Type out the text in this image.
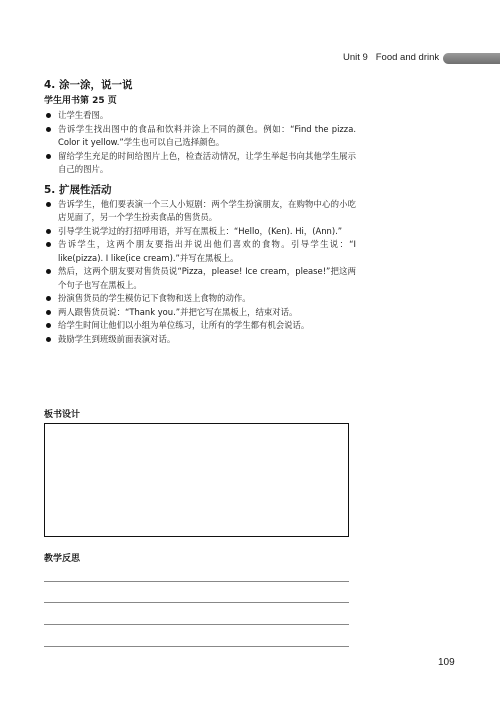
Unit 9 Food and drink
4. 涂一涂，说一说
学生用书第 25 页
让学生看图。
告诉学生找出图中的食品和饮料并涂上不同的颜色。例如：“Find the pizza. Color it yellow.”学生也可以自己选择颜色。
留给学生充足的时间给图片上色，检查活动情况，让学生举起书向其他学生展示自己的图片。
5. 扩展性活动
告诉学生，他们要表演一个三人小短剧：两个学生扮演朋友，在购物中心的小吃店见面了，另一个学生扮卖食品的售货员。
引导学生说学过的打招呼用语，并写在黑板上：“Hello，(Ken). Hi，(Ann).”
告诉学生，这两个朋友要指出并说出他们喜欢的食物。引导学生说：“I like(pizza). I like(ice cream).”并写在黑板上。
然后，这两个朋友要对售货员说“Pizza，please! Ice cream，please!”把这两个句子也写在黑板上。
扮演售货员的学生模仿记下食物和送上食物的动作。
两人跟售货员说：“Thank you.”并把它写在黑板上，结束对话。
给学生时间让他们以小组为单位练习，让所有的学生都有机会说话。
鼓励学生到班级前面表演对话。
板书设计
教学反思
109
